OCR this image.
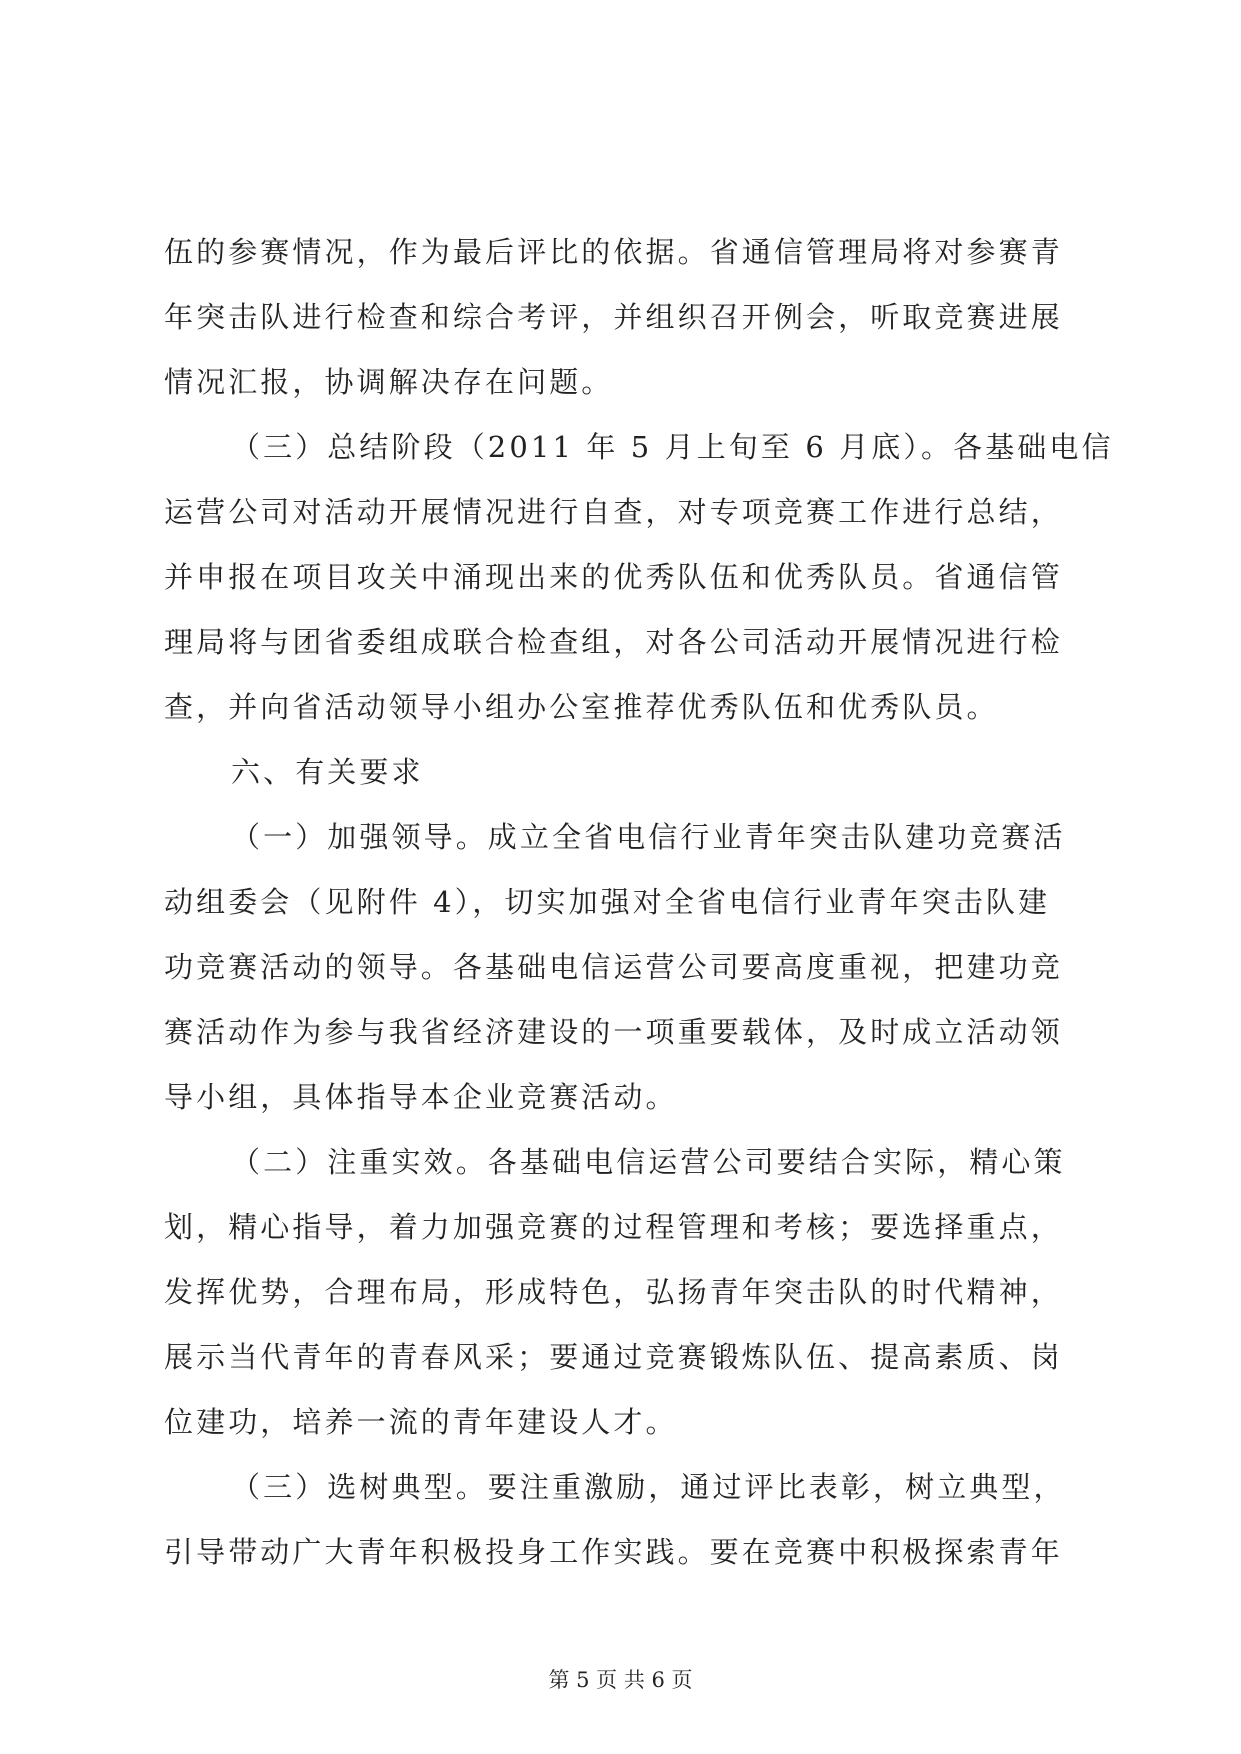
伍的参赛情况，作为最后评比的依据。省通信管理局将对参赛青
年突击队进行检查和综合考评，并组织召开例会，听取竞赛进展
情况汇报，协调解决存在问题。
（三）总结阶段（2011 年 5 月上旬至 6 月底）。各基础电信
运营公司对活动开展情况进行自查，对专项竞赛工作进行总结，
并申报在项目攻关中涌现出来的优秀队伍和优秀队员。省通信管
理局将与团省委组成联合检查组，对各公司活动开展情况进行检
查，并向省活动领导小组办公室推荐优秀队伍和优秀队员。
六、有关要求
（一）加强领导。成立全省电信行业青年突击队建功竞赛活
动组委会（见附件 4），切实加强对全省电信行业青年突击队建
功竞赛活动的领导。各基础电信运营公司要高度重视，把建功竞
赛活动作为参与我省经济建设的一项重要载体，及时成立活动领
导小组，具体指导本企业竞赛活动。
（二）注重实效。各基础电信运营公司要结合实际，精心策
划，精心指导，着力加强竞赛的过程管理和考核；要选择重点，
发挥优势，合理布局，形成特色，弘扬青年突击队的时代精神，
展示当代青年的青春风采；要通过竞赛锻炼队伍、提高素质、岗
位建功，培养一流的青年建设人才。
（三）选树典型。要注重激励，通过评比表彰，树立典型，
引导带动广大青年积极投身工作实践。要在竞赛中积极探索青年
第 5 页 共 6 页
